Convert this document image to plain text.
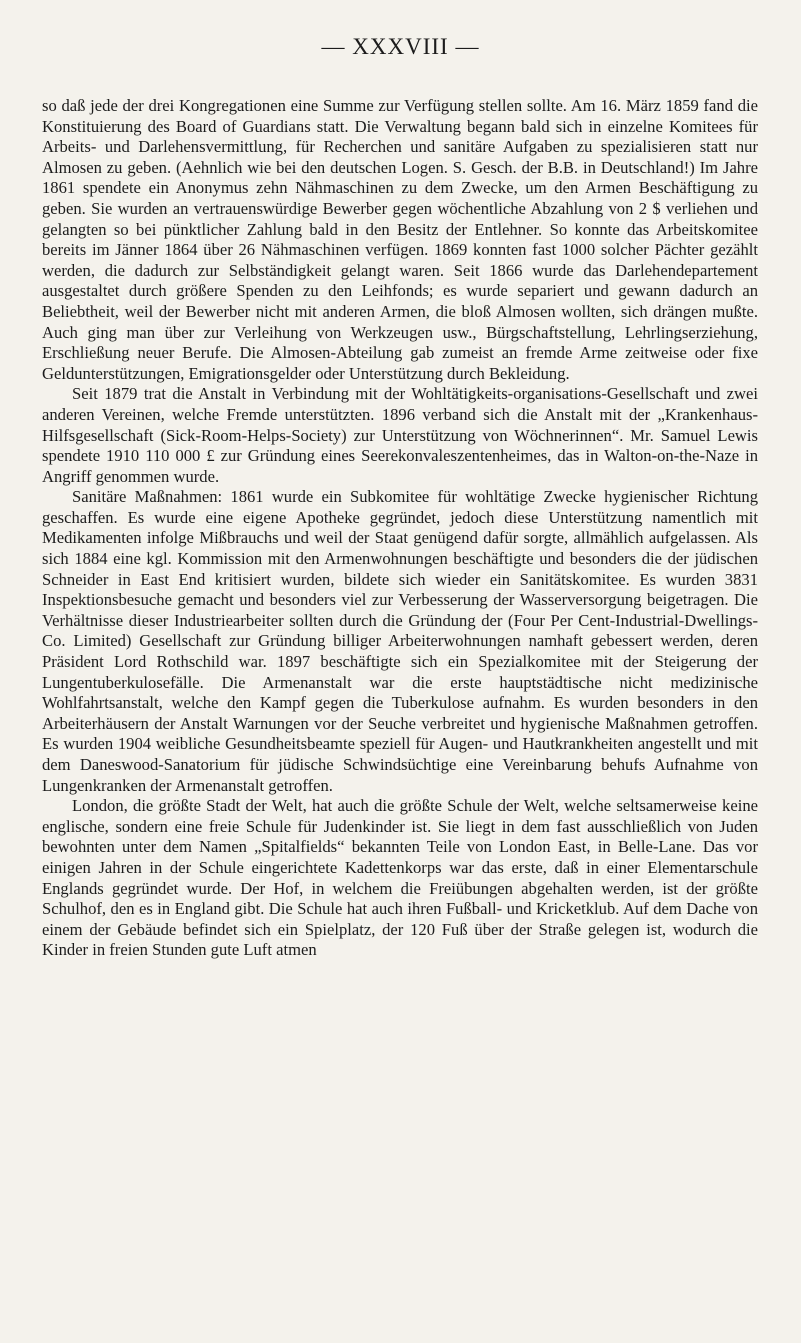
— XXXVIII —

so daß jede der drei Kongregationen eine Summe zur Verfügung stellen sollte. Am 16. März 1859 fand die Konstituierung des Board of Guardians statt. Die Verwaltung begann bald sich in einzelne Komitees für Arbeits- und Darlehensvermittlung, für Recherchen und sanitäre Aufgaben zu spezialisieren statt nur Almosen zu geben. (Aehnlich wie bei den deutschen Logen. S. Gesch. der B.B. in Deutschland!) Im Jahre 1861 spendete ein Anonymus zehn Nähmaschinen zu dem Zwecke, um den Armen Beschäftigung zu geben. Sie wurden an vertrauenswürdige Bewerber gegen wöchentliche Abzahlung von 2 $ verliehen und gelangten so bei pünktlicher Zahlung bald in den Besitz der Entlehner. So konnte das Arbeitskomitee bereits im Jänner 1864 über 26 Nähmaschinen verfügen. 1869 konnten fast 1000 solcher Pächter gezählt werden, die dadurch zur Selbständigkeit gelangt waren. Seit 1866 wurde das Darlehendepartement ausgestaltet durch größere Spenden zu den Leihfonds; es wurde separiert und gewann dadurch an Beliebtheit, weil der Bewerber nicht mit anderen Armen, die bloß Almosen wollten, sich drängen mußte. Auch ging man über zur Verleihung von Werkzeugen usw., Bürgschaftstellung, Lehrlingserziehung, Erschließung neuer Berufe. Die Almosen-Abteilung gab zumeist an fremde Arme zeitweise oder fixe Geldunterstützungen, Emigrationsgelder oder Unterstützung durch Bekleidung.

Seit 1879 trat die Anstalt in Verbindung mit der Wohltätigkeits-organisations-Gesellschaft und zwei anderen Vereinen, welche Fremde unterstützten. 1896 verband sich die Anstalt mit der „Krankenhaus-Hilfsgesellschaft (Sick-Room-Helps-Society) zur Unterstützung von Wöchnerinnen“. Mr. Samuel Lewis spendete 1910 110 000 £ zur Gründung eines Seerekonvaleszentenheimes, das in Walton-on-the-Naze in Angriff genommen wurde.

Sanitäre Maßnahmen: 1861 wurde ein Subkomitee für wohltätige Zwecke hygienischer Richtung geschaffen. Es wurde eine eigene Apotheke gegründet, jedoch diese Unterstützung namentlich mit Medikamenten infolge Mißbrauchs und weil der Staat genügend dafür sorgte, allmählich aufgelassen. Als sich 1884 eine kgl. Kommission mit den Armenwohnungen beschäftigte und besonders die der jüdischen Schneider in East End kritisiert wurden, bildete sich wieder ein Sanitätskomitee. Es wurden 3831 Inspektionsbesuche gemacht und besonders viel zur Verbesserung der Wasserversorgung beigetragen. Die Verhältnisse dieser Industriearbeiter sollten durch die Gründung der (Four Per Cent-Industrial-Dwellings-Co. Limited) Gesellschaft zur Gründung billiger Arbeiterwohnungen namhaft gebessert werden, deren Präsident Lord Rothschild war. 1897 beschäftigte sich ein Spezialkomitee mit der Steigerung der Lungentuberkulosefälle. Die Armenanstalt war die erste hauptstädtische nicht medizinische Wohlfahrtsanstalt, welche den Kampf gegen die Tuberkulose aufnahm. Es wurden besonders in den Arbeiterhäusern der Anstalt Warnungen vor der Seuche verbreitet und hygienische Maßnahmen getroffen. Es wurden 1904 weibliche Gesundheitsbeamte speziell für Augen- und Hautkrankheiten angestellt und mit dem Daneswood-Sanatorium für jüdische Schwindsüchtige eine Vereinbarung behufs Aufnahme von Lungenkranken der Armenanstalt getroffen.

London, die größte Stadt der Welt, hat auch die größte Schule der Welt, welche seltsamerweise keine englische, sondern eine freie Schule für Judenkinder ist. Sie liegt in dem fast ausschließlich von Juden bewohnten unter dem Namen „Spitalfields“ bekannten Teile von London East, in Belle-Lane. Das vor einigen Jahren in der Schule eingerichtete Kadettenkorps war das erste, daß in einer Elementarschule Englands gegründet wurde. Der Hof, in welchem die Freiübungen abgehalten werden, ist der größte Schulhof, den es in England gibt. Die Schule hat auch ihren Fußball- und Kricketklub. Auf dem Dache von einem der Gebäude befindet sich ein Spielplatz, der 120 Fuß über der Straße gelegen ist, wodurch die Kinder in freien Stunden gute Luft atmen
